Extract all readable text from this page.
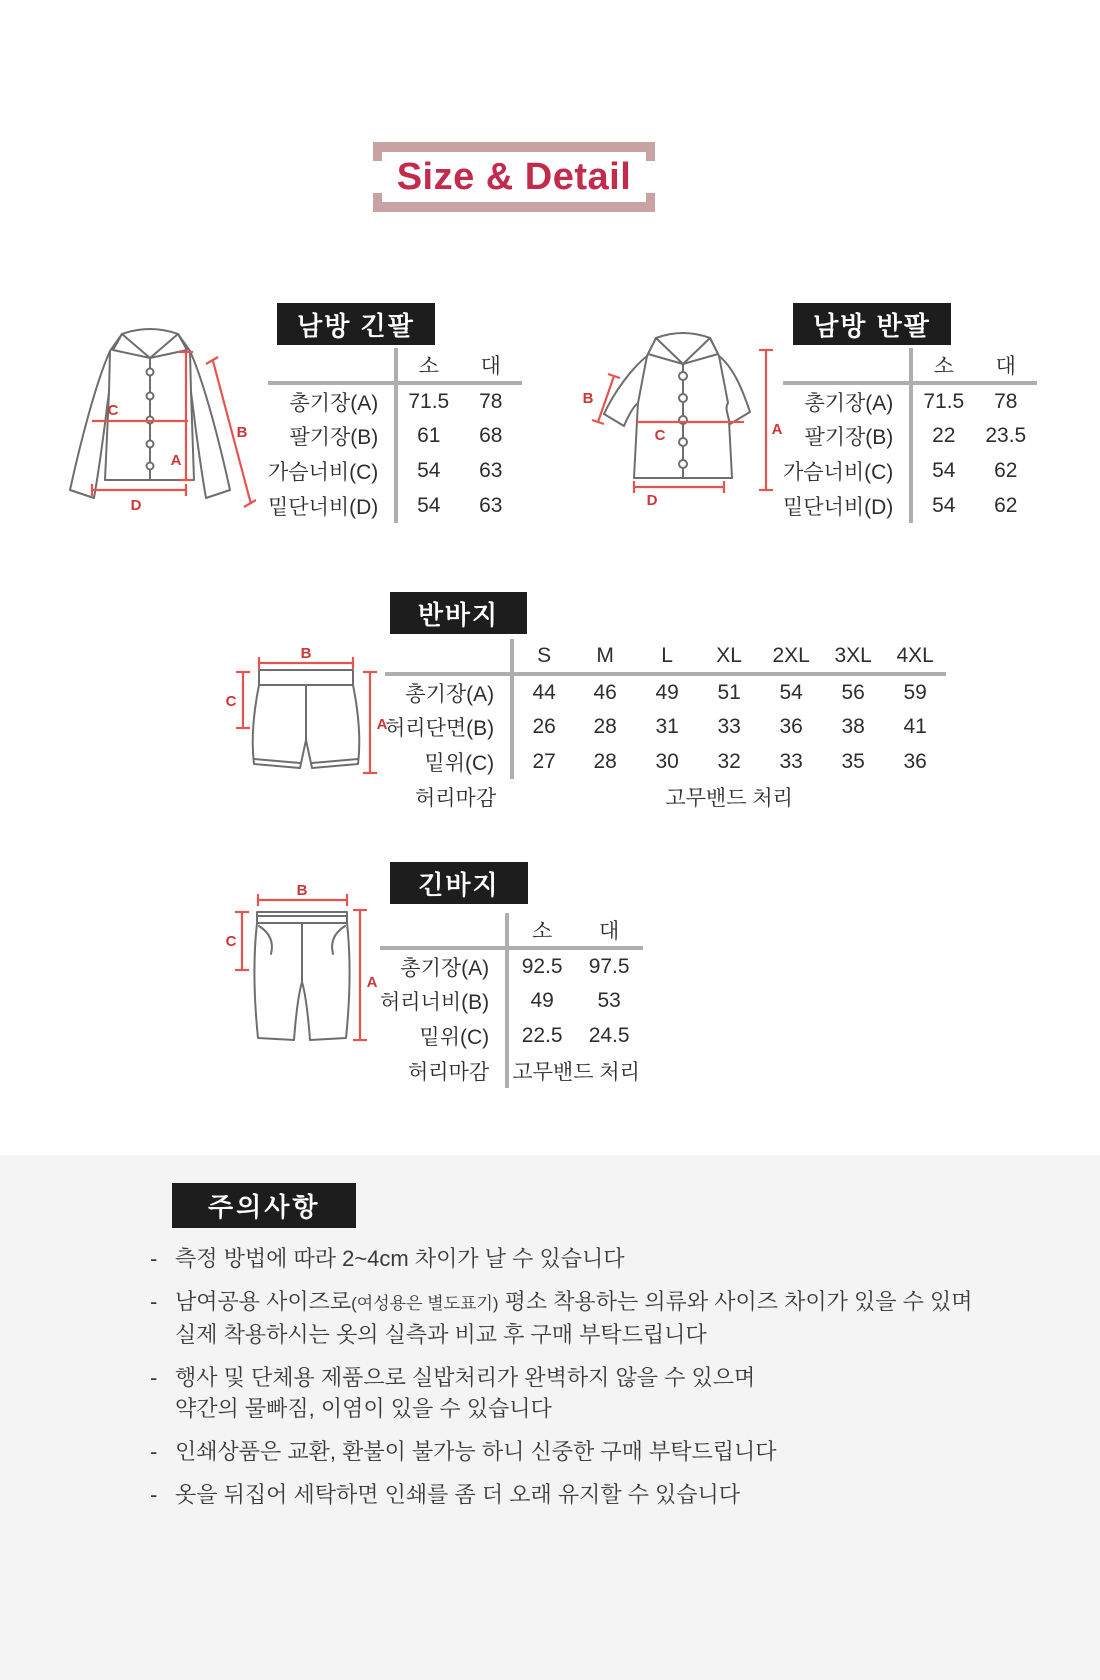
Size & Detail
C
A
B
D
남방 긴팔
	소	대
총기장(A)	71.5	78
팔기장(B)	61	68
가슴너비(C)	54	63
밑단너비(D)	54	63
B
C	A
D
남방 반팔
	소	대
총기장(A)	71.5	78
팔기장(B)	22	23.5
가슴너비(C)	54	62
밑단너비(D)	54	62
반바지
B
C
A
	S	M	L	XL	2XL	3XL	4XL
총기장(A)	44	46	49	51	54	56	59
허리단면(B)	26	28	31	33	36	38	41
밑위(C)	27	28	30	32	33	35	36
허리마감	고무밴드 처리						
긴바지
B
C
A
	소	대
총기장(A)	92.5	97.5
허리너비(B)	49	53
밑위(C)	22.5	24.5
허리마감	고무밴드 처리	
주의사항
- 측정 방법에 따라 2~4cm 차이가 날 수 있습니다
- 남여공용 사이즈로(여성용은 별도표기) 평소 착용하는 의류와 사이즈 차이가 있을 수 있며
실제 착용하시는 옷의 실측과 비교 후 구매 부탁드립니다
- 행사 및 단체용 제품으로 실밥처리가 완벽하지 않을 수 있으며
약간의 물빠짐, 이염이 있을 수 있습니다
- 인쇄상품은 교환, 환불이 불가능 하니 신중한 구매 부탁드립니다
- 옷을 뒤집어 세탁하면 인쇄를 좀 더 오래 유지할 수 있습니다
